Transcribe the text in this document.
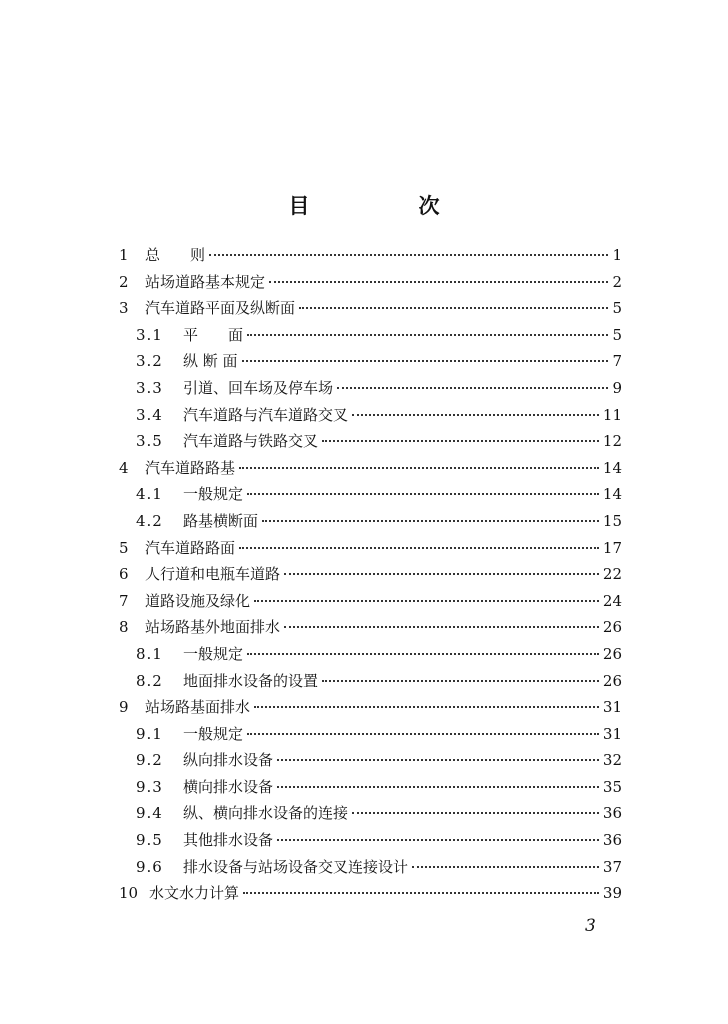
目　次
1	总　　则	1
2	站场道路基本规定	2
3	汽车道路平面及纵断面	5
3.1	平　　面	5
3.2	纵 断 面	7
3.3	引道、回车场及停车场	9
3.4	汽车道路与汽车道路交叉	11
3.5	汽车道路与铁路交叉	12
4	汽车道路路基	14
4.1	一般规定	14
4.2	路基横断面	15
5	汽车道路路面	17
6	人行道和电瓶车道路	22
7	道路设施及绿化	24
8	站场路基外地面排水	26
8.1	一般规定	26
8.2	地面排水设备的设置	26
9	站场路基面排水	31
9.1	一般规定	31
9.2	纵向排水设备	32
9.3	横向排水设备	35
9.4	纵、横向排水设备的连接	36
9.5	其他排水设备	36
9.6	排水设备与站场设备交叉连接设计	37
10 水文水力计算	39
3
